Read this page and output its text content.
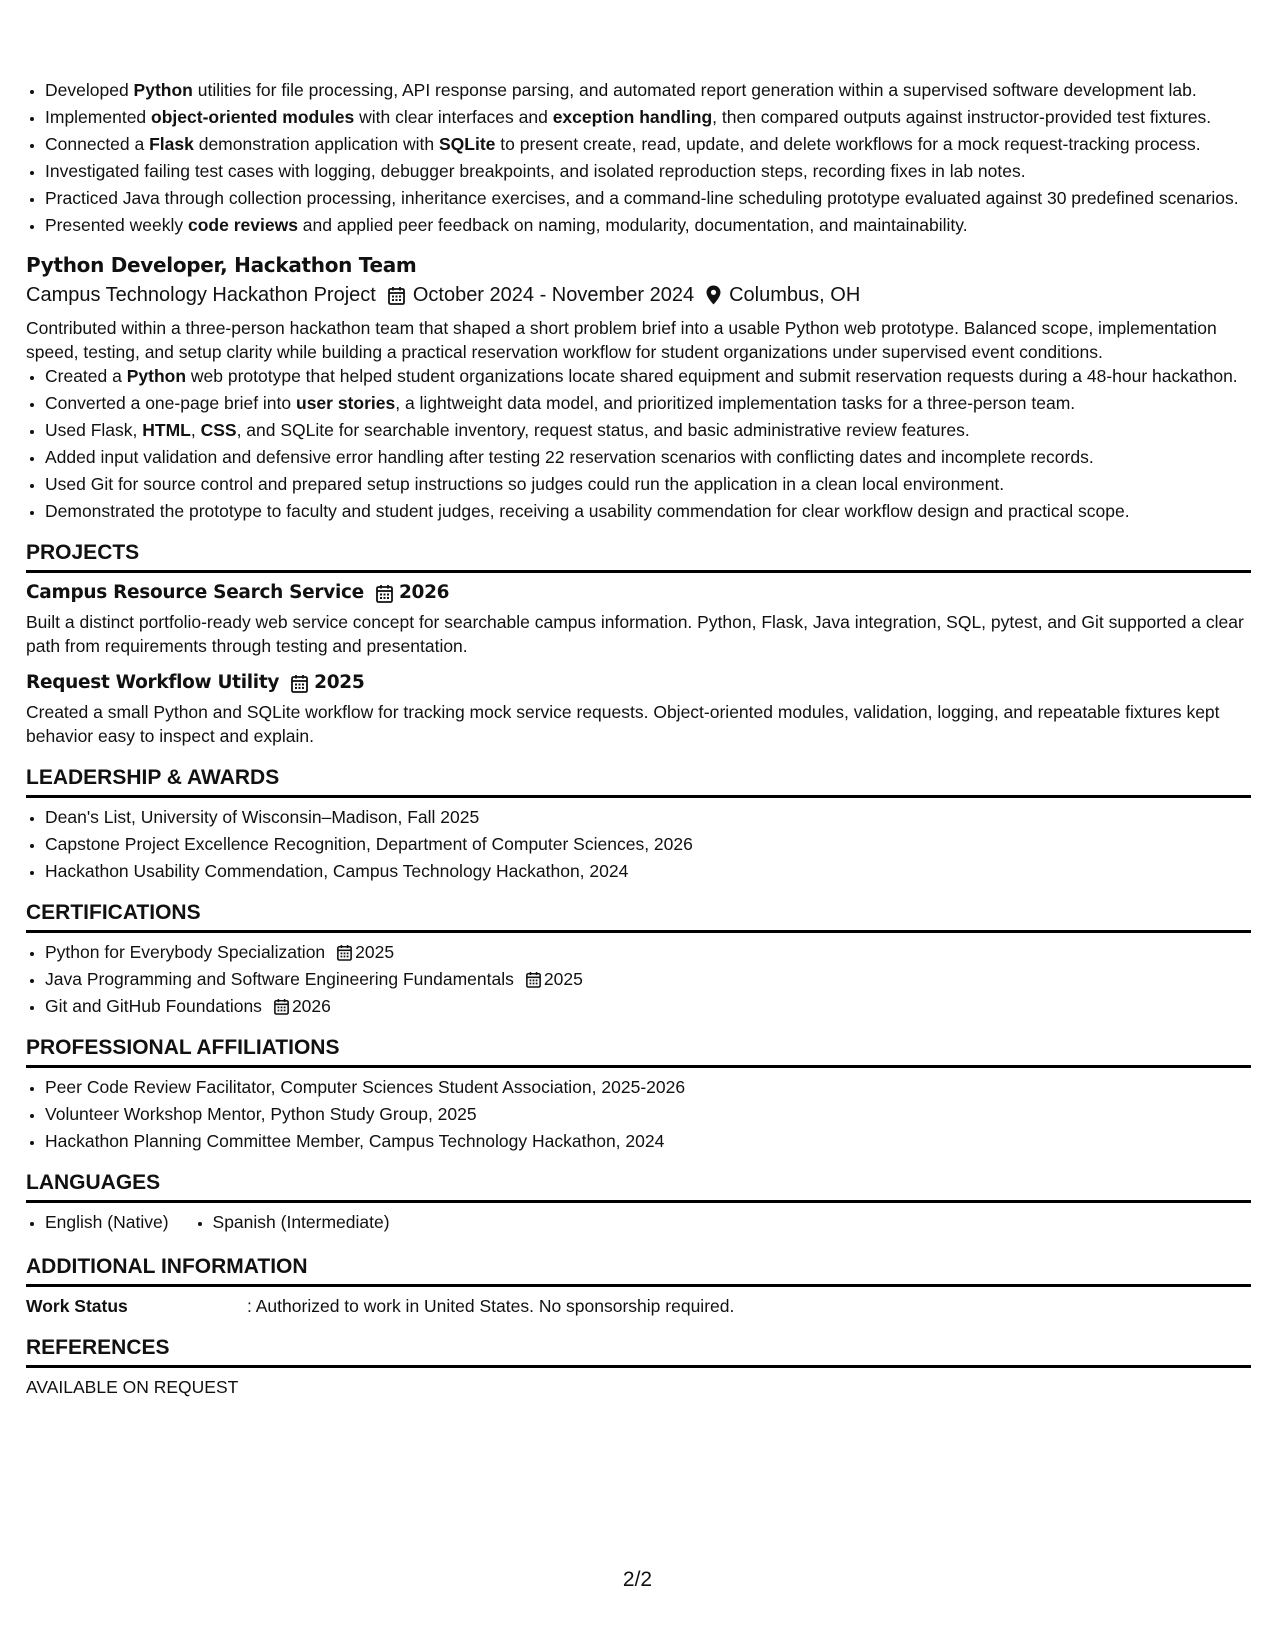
• Developed Python utilities for file processing, API response parsing, and automated report generation within a supervised software development lab.
• Implemented object-oriented modules with clear interfaces and exception handling, then compared outputs against instructor-provided test fixtures.
• Connected a Flask demonstration application with SQLite to present create, read, update, and delete workflows for a mock request-tracking process.
• Investigated failing test cases with logging, debugger breakpoints, and isolated reproduction steps, recording fixes in lab notes.
• Practiced Java through collection processing, inheritance exercises, and a command-line scheduling prototype evaluated against 30 predefined scenarios.
• Presented weekly code reviews and applied peer feedback on naming, modularity, documentation, and maintainability.
Python Developer, Hackathon Team
Campus Technology Hackathon Project October 2024 - November 2024 Columbus, OH
Contributed within a three-person hackathon team that shaped a short problem brief into a usable Python web prototype. Balanced scope, implementation speed, testing, and setup clarity while building a practical reservation workflow for student organizations under supervised event conditions.
• Created a Python web prototype that helped student organizations locate shared equipment and submit reservation requests during a 48-hour hackathon.
• Converted a one-page brief into user stories, a lightweight data model, and prioritized implementation tasks for a three-person team.
• Used Flask, HTML, CSS, and SQLite for searchable inventory, request status, and basic administrative review features.
• Added input validation and defensive error handling after testing 22 reservation scenarios with conflicting dates and incomplete records.
• Used Git for source control and prepared setup instructions so judges could run the application in a clean local environment.
• Demonstrated the prototype to faculty and student judges, receiving a usability commendation for clear workflow design and practical scope.
PROJECTS
Campus Resource Search Service 2026
Built a distinct portfolio-ready web service concept for searchable campus information. Python, Flask, Java integration, SQL, pytest, and Git supported a clear path from requirements through testing and presentation.
Request Workflow Utility 2025
Created a small Python and SQLite workflow for tracking mock service requests. Object-oriented modules, validation, logging, and repeatable fixtures kept behavior easy to inspect and explain.
LEADERSHIP & AWARDS
• Dean's List, University of Wisconsin–Madison, Fall 2025
• Capstone Project Excellence Recognition, Department of Computer Sciences, 2026
• Hackathon Usability Commendation, Campus Technology Hackathon, 2024
CERTIFICATIONS
• Python for Everybody Specialization 2025
• Java Programming and Software Engineering Fundamentals 2025
• Git and GitHub Foundations 2026
PROFESSIONAL AFFILIATIONS
• Peer Code Review Facilitator, Computer Sciences Student Association, 2025-2026
• Volunteer Workshop Mentor, Python Study Group, 2025
• Hackathon Planning Committee Member, Campus Technology Hackathon, 2024
LANGUAGES
• English (Native)
•	Spanish (Intermediate)
ADDITIONAL INFORMATION
Work Status	: Authorized to work in United States. No sponsorship required.
REFERENCES
AVAILABLE ON REQUEST
2/2
